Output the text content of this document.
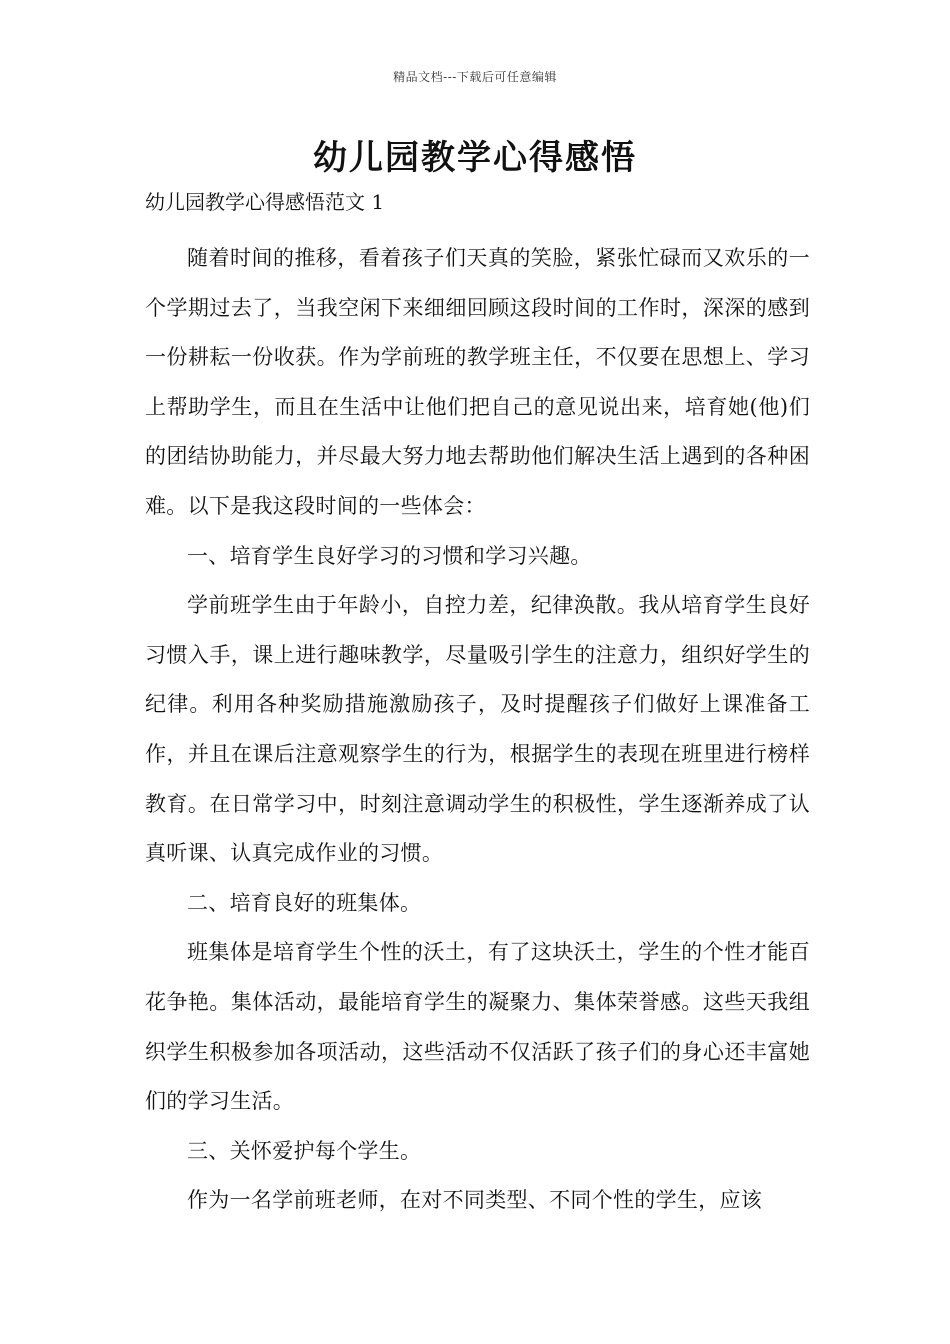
精品文档---下载后可任意编辑
幼儿园教学心得感悟
幼儿园教学心得感悟范文 1

随着时间的推移，看着孩子们天真的笑脸，紧张忙碌而又欢乐的一个学期过去了，当我空闲下来细细回顾这段时间的工作时，深深的感到一份耕耘一份收获。作为学前班的教学班主任，不仅要在思想上、学习上帮助学生，而且在生活中让他们把自己的意见说出来，培育她(他)们的团结协助能力，并尽最大努力地去帮助他们解决生活上遇到的各种困难。以下是我这段时间的一些体会：

一、培育学生良好学习的习惯和学习兴趣。

学前班学生由于年龄小，自控力差，纪律涣散。我从培育学生良好习惯入手，课上进行趣味教学，尽量吸引学生的注意力，组织好学生的纪律。利用各种奖励措施激励孩子，及时提醒孩子们做好上课准备工作，并且在课后注意观察学生的行为，根据学生的表现在班里进行榜样教育。在日常学习中，时刻注意调动学生的积极性，学生逐渐养成了认真听课、认真完成作业的习惯。

二、培育良好的班集体。

班集体是培育学生个性的沃土，有了这块沃土，学生的个性才能百花争艳。集体活动，最能培育学生的凝聚力、集体荣誉感。这些天我组织学生积极参加各项活动，这些活动不仅活跃了孩子们的身心还丰富她们的学习生活。

三、关怀爱护每个学生。

作为一名学前班老师，在对不同类型、不同个性的学生，应该
